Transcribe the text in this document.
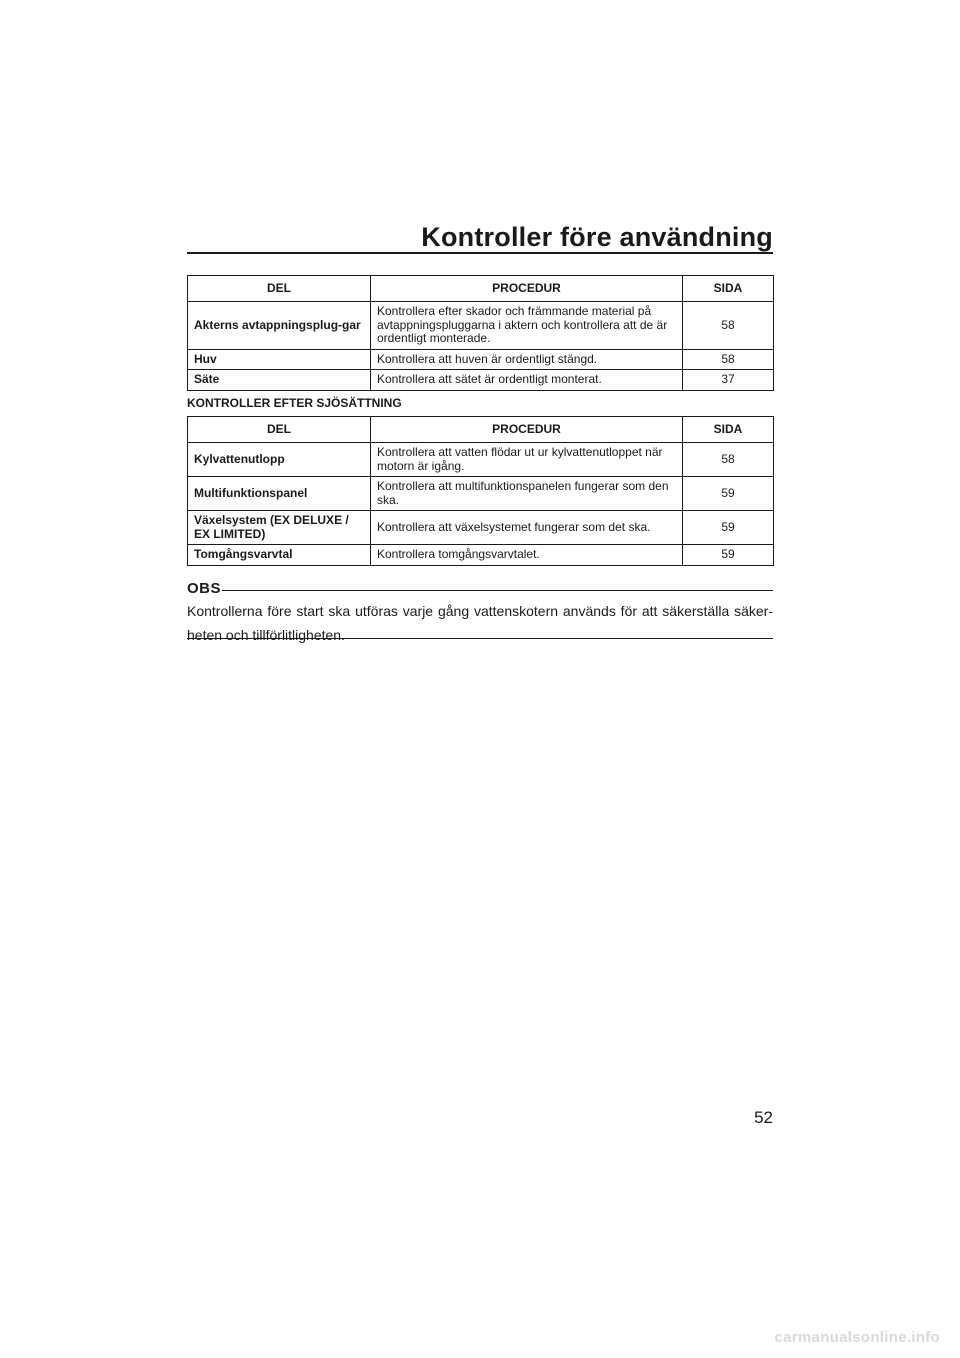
Kontroller före användning
DEL	PROCEDUR	SIDA
Akterns avtappningsplug-gar	Kontrollera efter skador och främmande material på avtappningspluggarna i aktern och kontrollera att de är ordentligt monterade.	58
Huv	Kontrollera att huven är ordentligt stängd.	58
Säte	Kontrollera att sätet är ordentligt monterat.	37
KONTROLLER EFTER SJÖSÄTTNING
DEL	PROCEDUR	SIDA
Kylvattenutlopp	Kontrollera att vatten flödar ut ur kylvattenutloppet när motorn är igång.	58
Multifunktionspanel	Kontrollera att multifunktionspanelen fungerar som den ska.	59
Växelsystem (EX DELUXE / EX LIMITED)	Kontrollera att växelsystemet fungerar som det ska.	59
Tomgångsvarvtal	Kontrollera tomgångsvarvtalet.	59
OBS
Kontrollerna före start ska utföras varje gång vattenskotern används för att säkerställa säker-heten och tillförlitligheten.
52
carmanualsonline.info
